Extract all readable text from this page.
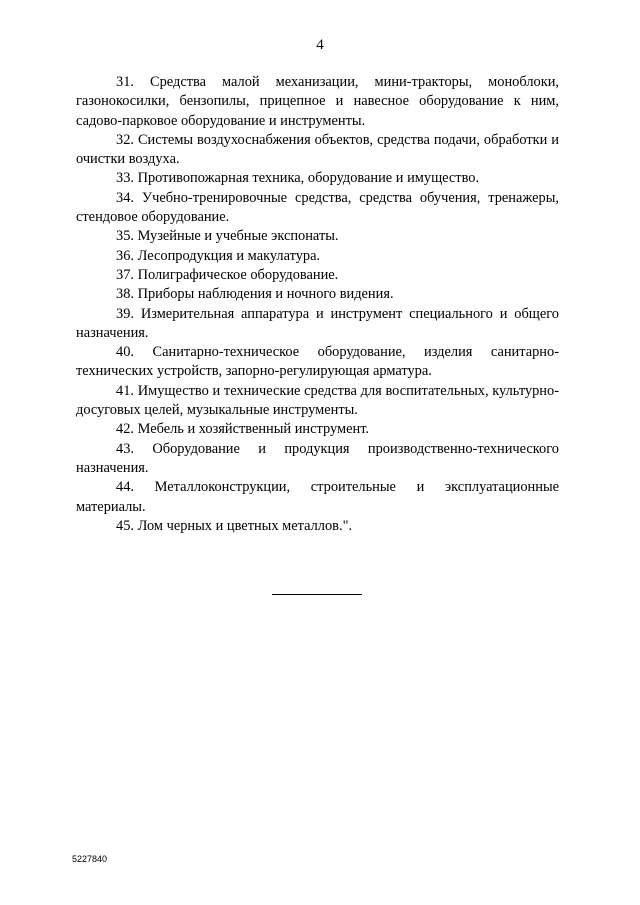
4

31. Средства малой механизации, мини-тракторы, моноблоки, газонокосилки, бензопилы, прицепное и навесное оборудование к ним, садово-парковое оборудование и инструменты.

32. Системы воздухоснабжения объектов, средства подачи, обработки и очистки воздуха.

33. Противопожарная техника, оборудование и имущество.

34. Учебно-тренировочные средства, средства обучения, тренажеры, стендовое оборудование.

35. Музейные и учебные экспонаты.

36. Лесопродукция и макулатура.

37. Полиграфическое оборудование.

38. Приборы наблюдения и ночного видения.

39. Измерительная аппаратура и инструмент специального и общего назначения.

40. Санитарно-техническое оборудование, изделия санитарно-технических устройств, запорно-регулирующая арматура.

41. Имущество и технические средства для воспитательных, культурно-досуговых целей, музыкальные инструменты.

42. Мебель и хозяйственный инструмент.

43. Оборудование и продукция производственно-технического назначения.

44. Металлоконструкции, строительные и эксплуатационные материалы.

45. Лом черных и цветных металлов.".

5227840
